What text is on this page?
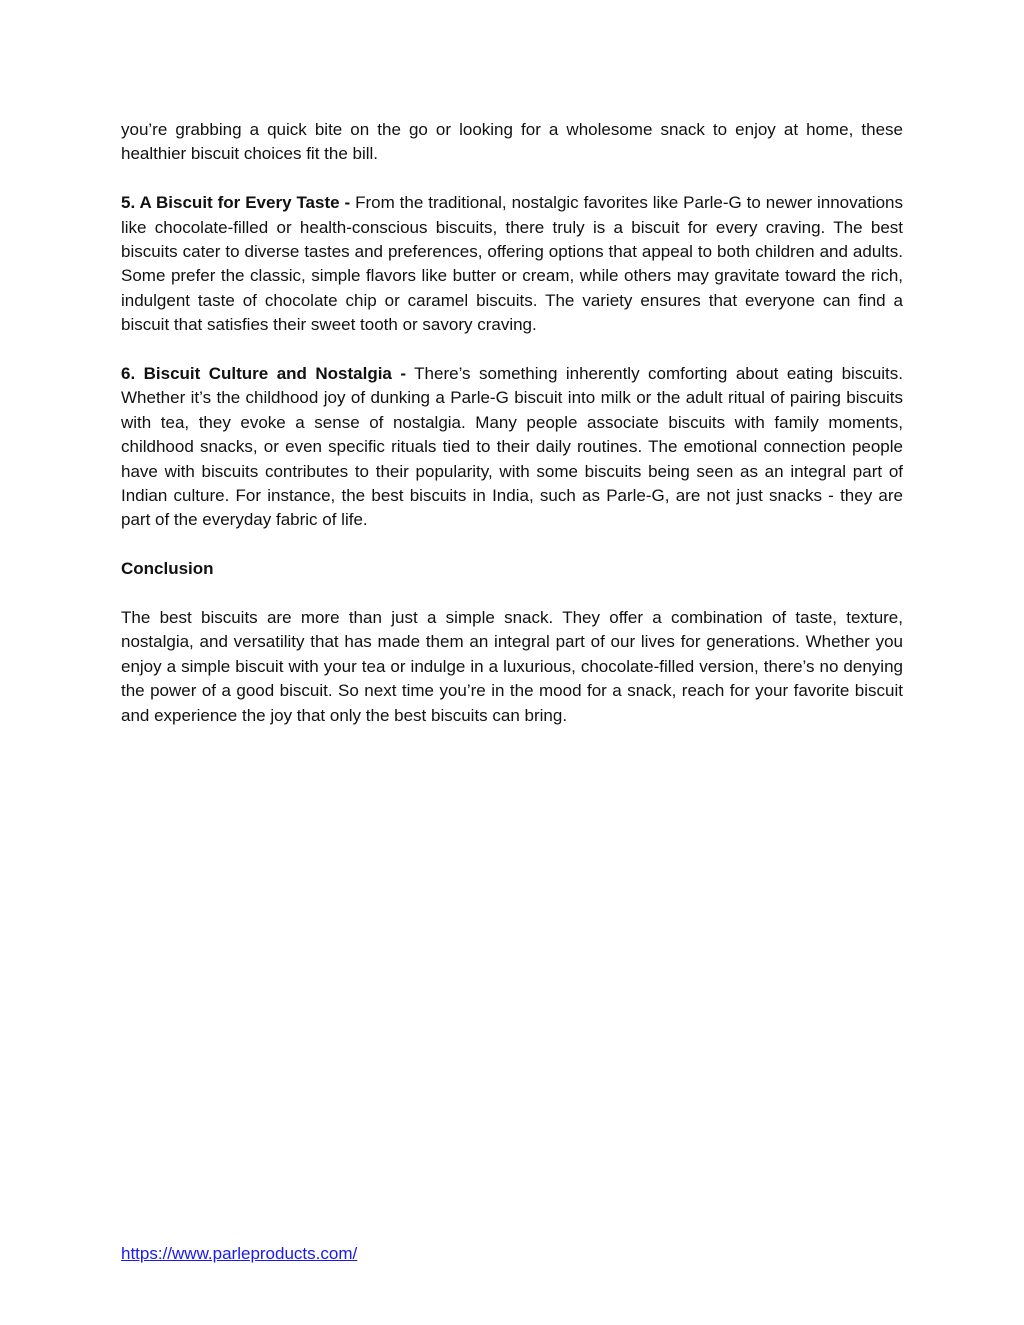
you’re grabbing a quick bite on the go or looking for a wholesome snack to enjoy at home, these healthier biscuit choices fit the bill.

5. A Biscuit for Every Taste - From the traditional, nostalgic favorites like Parle-G to newer innovations like chocolate-filled or health-conscious biscuits, there truly is a biscuit for every craving. The best biscuits cater to diverse tastes and preferences, offering options that appeal to both children and adults. Some prefer the classic, simple flavors like butter or cream, while others may gravitate toward the rich, indulgent taste of chocolate chip or caramel biscuits. The variety ensures that everyone can find a biscuit that satisfies their sweet tooth or savory craving.

6. Biscuit Culture and Nostalgia - There’s something inherently comforting about eating biscuits. Whether it’s the childhood joy of dunking a Parle-G biscuit into milk or the adult ritual of pairing biscuits with tea, they evoke a sense of nostalgia. Many people associate biscuits with family moments, childhood snacks, or even specific rituals tied to their daily routines. The emotional connection people have with biscuits contributes to their popularity, with some biscuits being seen as an integral part of Indian culture. For instance, the best biscuits in India, such as Parle-G, are not just snacks - they are part of the everyday fabric of life.

Conclusion

The best biscuits are more than just a simple snack. They offer a combination of taste, texture, nostalgia, and versatility that has made them an integral part of our lives for generations. Whether you enjoy a simple biscuit with your tea or indulge in a luxurious, chocolate-filled version, there’s no denying the power of a good biscuit. So next time you’re in the mood for a snack, reach for your favorite biscuit and experience the joy that only the best biscuits can bring.

https://www.parleproducts.com/
